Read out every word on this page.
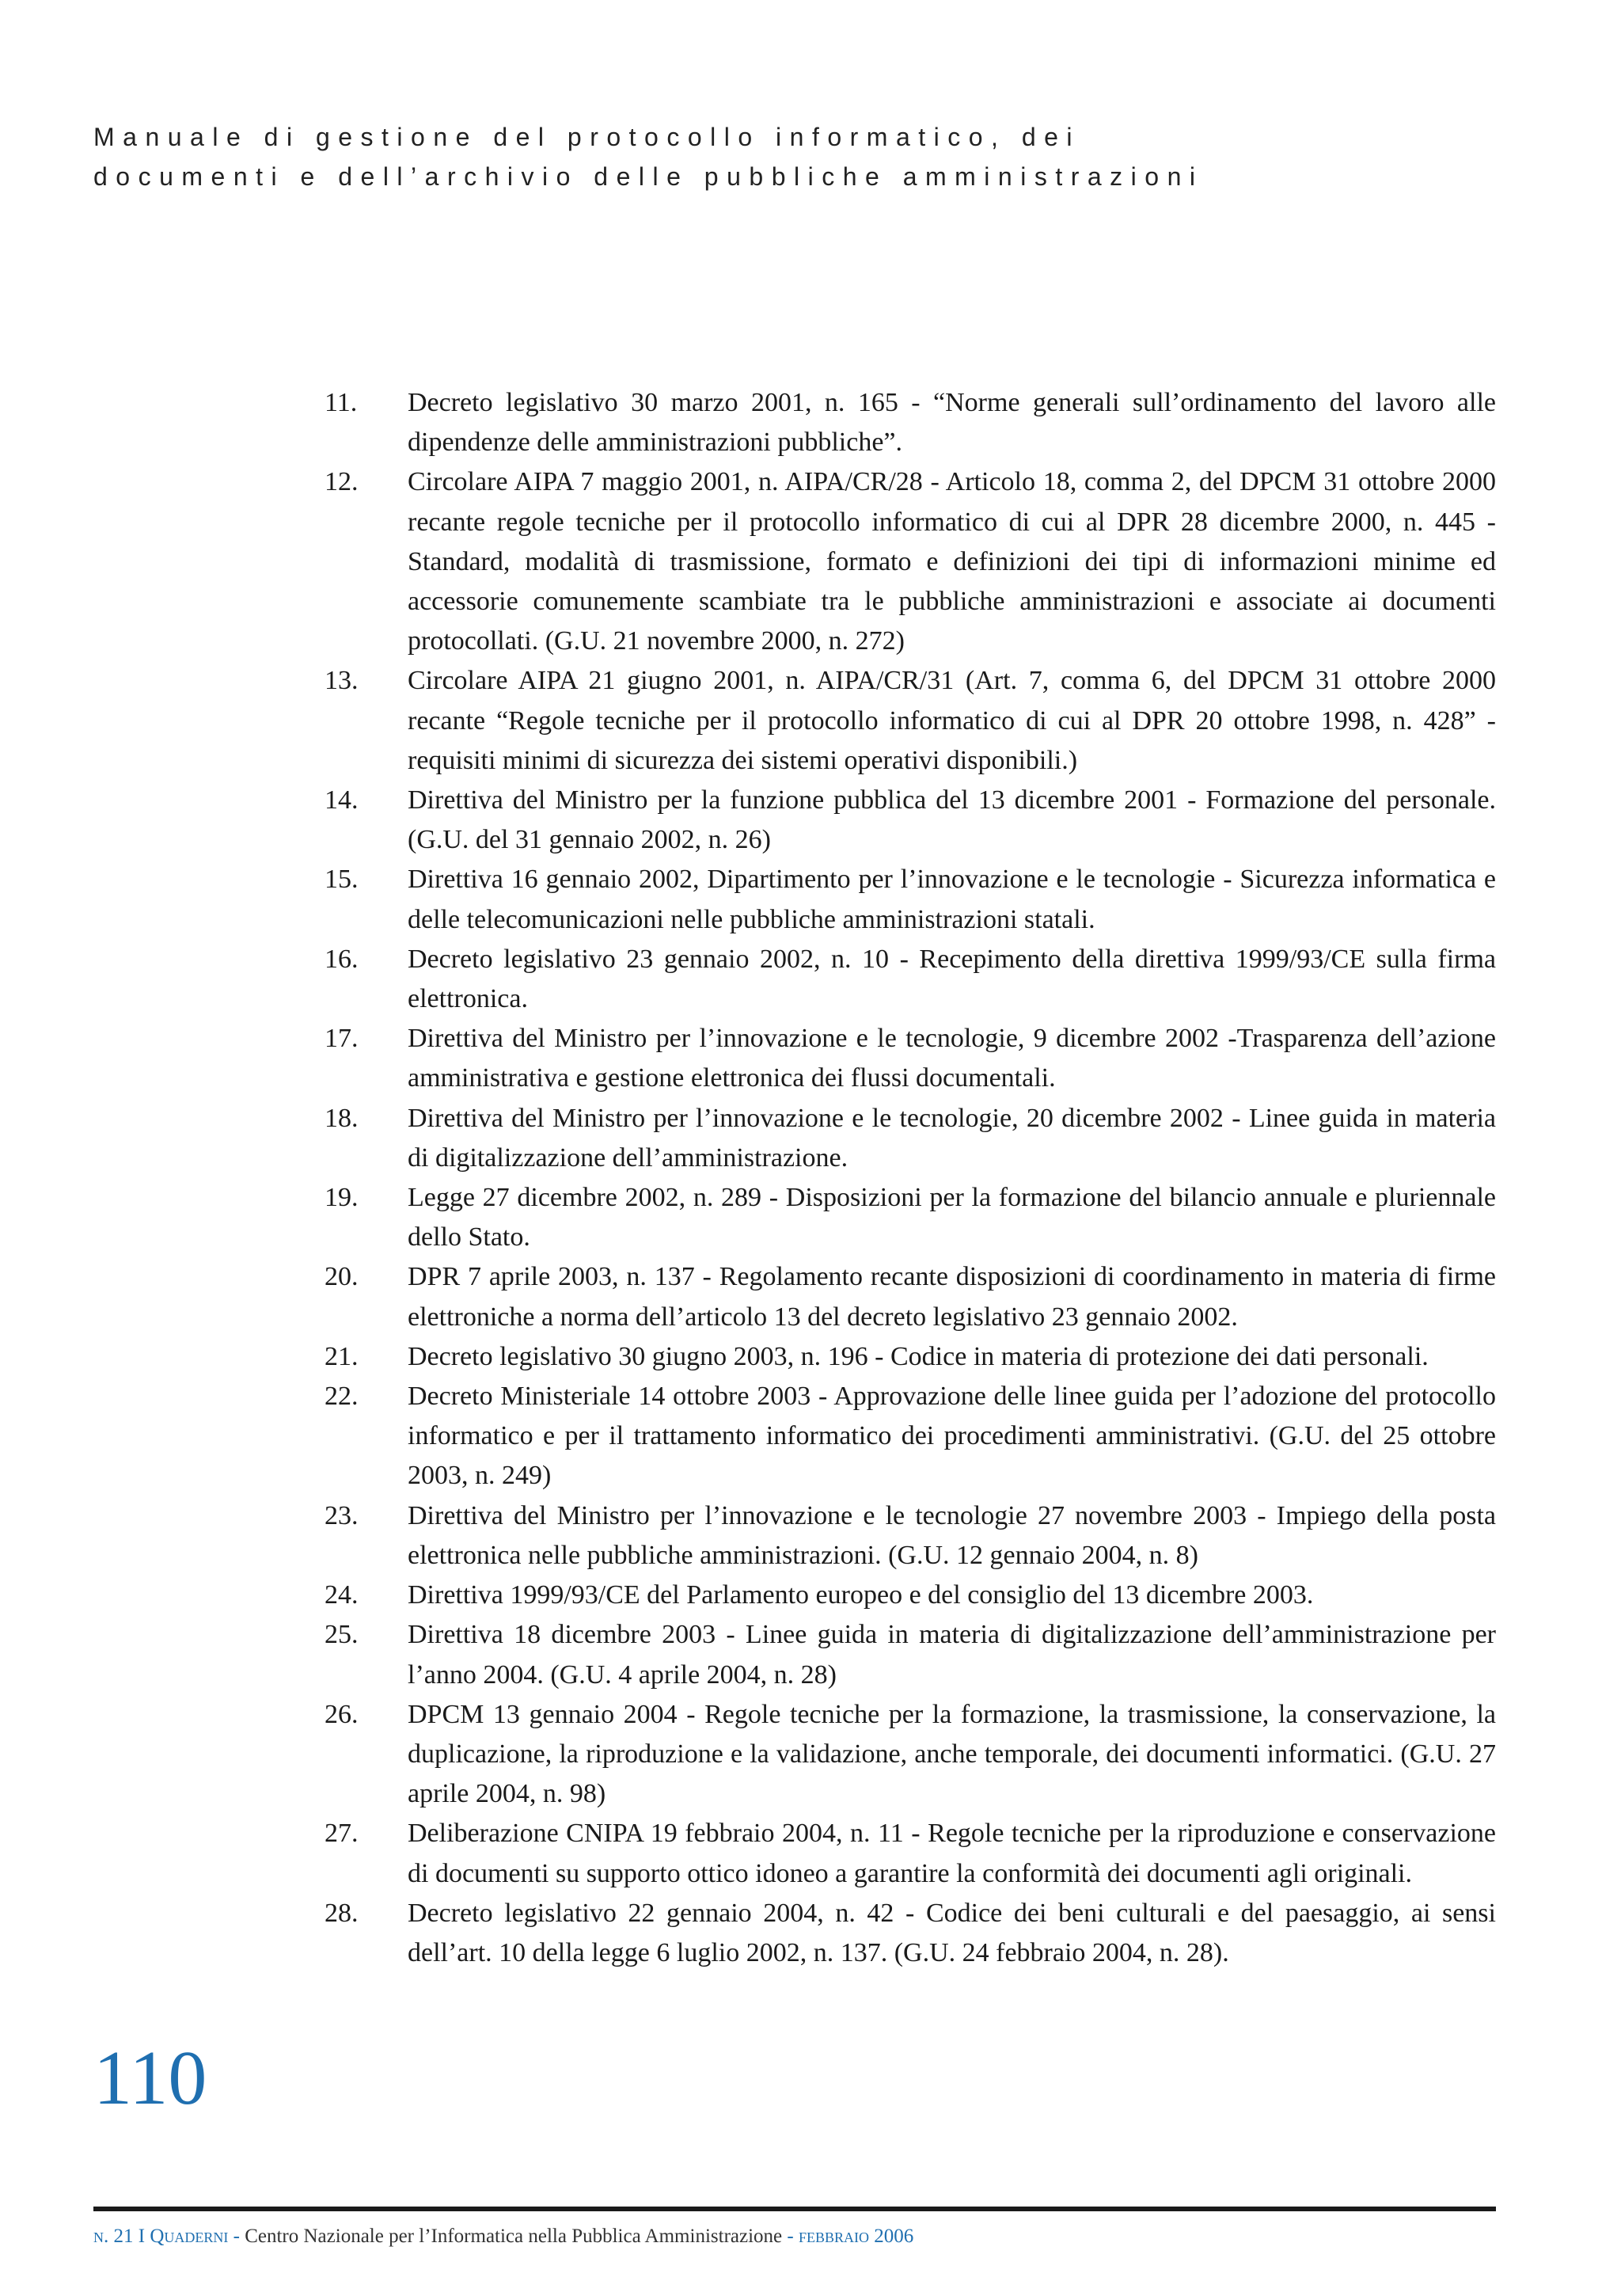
Manuale di gestione del protocollo informatico, dei
documenti e dell’archivio delle pubbliche amministrazioni
11.	Decreto legislativo 30 marzo 2001, n. 165 - “Norme generali sull’ordinamento del lavoro alle dipendenze delle amministrazioni pubbliche”.
12.	Circolare AIPA 7 maggio 2001, n. AIPA/CR/28 - Articolo 18, comma 2, del DPCM 31 ottobre 2000 recante regole tecniche per il protocollo informatico di cui al DPR 28 dicembre 2000, n. 445 - Standard, modalità di trasmissione, formato e definizioni dei tipi di informazioni minime ed accessorie comunemente scambiate tra le pubbliche amministrazioni e associate ai documenti protocollati. (G.U. 21 novembre 2000, n. 272)
13.	Circolare AIPA 21 giugno 2001, n. AIPA/CR/31 (Art. 7, comma 6, del DPCM 31 ottobre 2000 recante “Regole tecniche per il protocollo informatico di cui al DPR 20 ottobre 1998, n. 428” - requisiti minimi di sicurezza dei sistemi operativi disponibili.)
14.	Direttiva del Ministro per la funzione pubblica del 13 dicembre 2001 - Formazione del personale. (G.U. del 31 gennaio 2002, n. 26)
15.	Direttiva 16 gennaio 2002, Dipartimento per l’innovazione e le tecnologie - Sicurezza informatica e delle telecomunicazioni nelle pubbliche amministrazioni statali.
16.	Decreto legislativo 23 gennaio 2002, n. 10 - Recepimento della direttiva 1999/93/CE sulla firma elettronica.
17.	Direttiva del Ministro per l’innovazione e le tecnologie, 9 dicembre 2002 -Trasparenza dell’azione amministrativa e gestione elettronica dei flussi documentali.
18.	Direttiva del Ministro per l’innovazione e le tecnologie, 20 dicembre 2002 - Linee guida in materia di digitalizzazione dell’amministrazione.
19.	Legge 27 dicembre 2002, n. 289 - Disposizioni per la formazione del bilancio annuale e pluriennale dello Stato.
20.	DPR 7 aprile 2003, n. 137 - Regolamento recante disposizioni di coordinamento in materia di firme elettroniche a norma dell’articolo 13 del decreto legislativo 23 gennaio 2002.
21.	Decreto legislativo 30 giugno 2003, n. 196 - Codice in materia di protezione dei dati personali.
22.	Decreto Ministeriale 14 ottobre 2003 - Approvazione delle linee guida per l’adozione del protocollo informatico e per il trattamento informatico dei procedimenti amministrativi. (G.U. del 25 ottobre 2003, n. 249)
23.	Direttiva del Ministro per l’innovazione e le tecnologie 27 novembre 2003 - Impiego della posta elettronica nelle pubbliche amministrazioni. (G.U. 12 gennaio 2004, n. 8)
24.	Direttiva 1999/93/CE del Parlamento europeo e del consiglio del 13 dicembre 2003.
25.	Direttiva 18 dicembre 2003 - Linee guida in materia di digitalizzazione dell’amministrazione per l’anno 2004. (G.U. 4 aprile 2004, n. 28)
26.	DPCM 13 gennaio 2004 - Regole tecniche per la formazione, la trasmissione, la conservazione, la duplicazione, la riproduzione e la validazione, anche temporale, dei documenti informatici. (G.U. 27 aprile 2004, n. 98)
27.	Deliberazione CNIPA 19 febbraio 2004, n. 11 - Regole tecniche per la riproduzione e conservazione di documenti su supporto ottico idoneo a garantire la conformità dei documenti agli originali.
28.	Decreto legislativo 22 gennaio 2004, n. 42 - Codice dei beni culturali e del paesaggio, ai sensi dell’art. 10 della legge 6 luglio 2002, n. 137. (G.U. 24 febbraio 2004, n. 28).
110
n. 21 I Quaderni - Centro Nazionale per l’Informatica nella Pubblica Amministrazione - febbraio 2006
